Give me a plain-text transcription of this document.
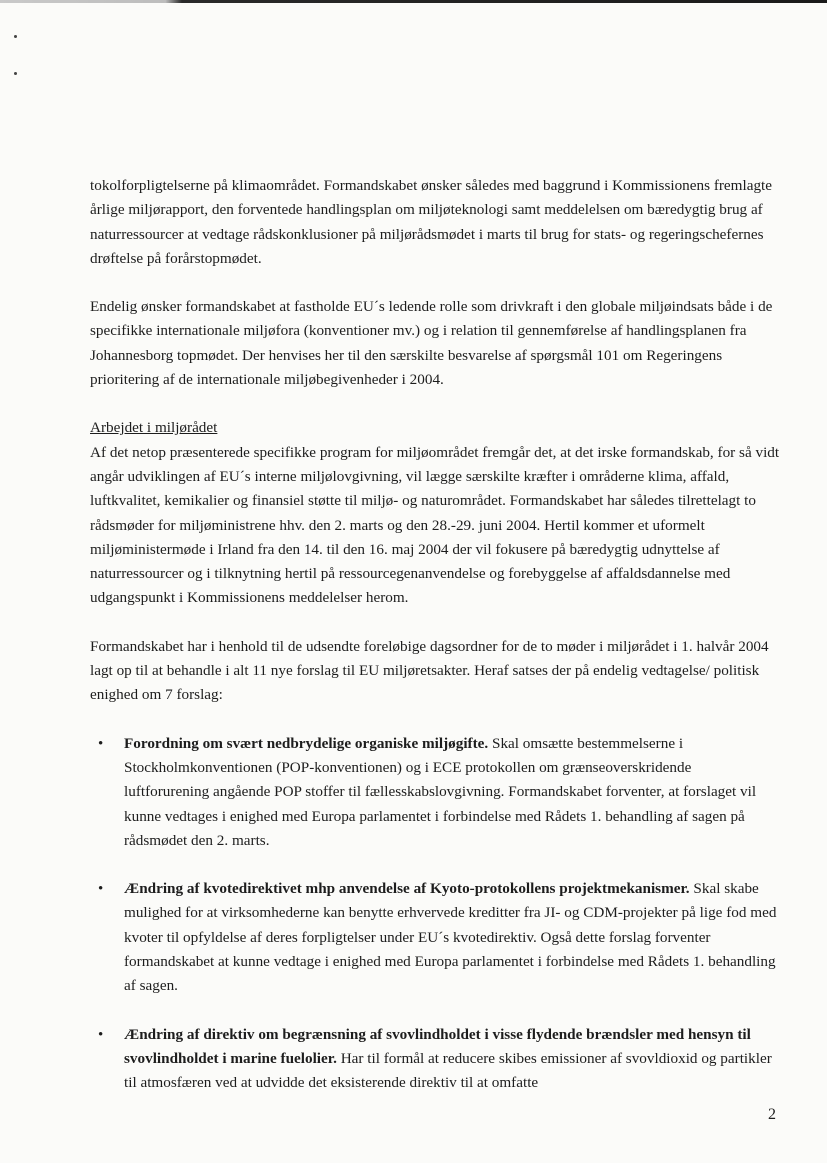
tokolforpligtelserne på klimaområdet. Formandskabet ønsker således med baggrund i Kommissionens fremlagte årlige miljørapport, den forventede handlingsplan om miljøteknologi samt meddelelsen om bæredygtig brug af naturressourcer at vedtage rådskonklusioner på miljørådsmødet i marts til brug for stats- og regeringschefernes drøftelse på forårstopmødet.

Endelig ønsker formandskabet at fastholde EU´s ledende rolle som drivkraft i den globale miljøindsats både i de specifikke internationale miljøfora (konventioner mv.) og i relation til gennemførelse af handlingsplanen fra Johannesborg topmødet. Der henvises her til den særskilte besvarelse af spørgsmål 101 om Regeringens prioritering af de internationale miljøbegivenheder i 2004.

Arbejdet i miljørådet
Af det netop præsenterede specifikke program for miljøområdet fremgår det, at det irske formandskab, for så vidt angår udviklingen af EU´s interne miljølovgivning, vil lægge særskilte kræfter i områderne klima, affald, luftkvalitet, kemikalier og finansiel støtte til miljø- og naturområdet. Formandskabet har således tilrettelagt to rådsmøder for miljøministrene hhv. den 2. marts og den 28.-29. juni 2004. Hertil kommer et uformelt miljøministermøde i Irland fra den 14. til den 16. maj 2004 der vil fokusere på bæredygtig udnyttelse af naturressourcer og i tilknytning hertil på ressourcegenanvendelse og forebyggelse af affaldsdannelse med udgangspunkt i Kommissionens meddelelser herom.

Formandskabet har i henhold til de udsendte foreløbige dagsordner for de to møder i miljørådet i 1. halvår 2004 lagt op til at behandle i alt 11 nye forslag til EU miljøretsakter. Heraf satses der på endelig vedtagelse/ politisk enighed om 7 forslag:

• Forordning om svært nedbrydelige organiske miljøgifte. Skal omsætte bestemmelserne i Stockholmkonventionen (POP-konventionen) og i ECE protokollen om grænseoverskridende luftforurening angående POP stoffer til fællesskabslovgivning. Formandskabet forventer, at forslaget vil kunne vedtages i enighed med Europa parlamentet i forbindelse med Rådets 1. behandling af sagen på rådsmødet den 2. marts.
• Ændring af kvotedirektivet mhp anvendelse af Kyoto-protokollens projektmekanismer. Skal skabe mulighed for at virksomhederne kan benytte erhvervede kreditter fra JI- og CDM-projekter på lige fod med kvoter til opfyldelse af deres forpligtelser under EU´s kvotedirektiv. Også dette forslag forventer formandskabet at kunne vedtage i enighed med Europa parlamentet i forbindelse med Rådets 1. behandling af sagen.
• Ændring af direktiv om begrænsning af svovlindholdet i visse flydende brændsler med hensyn til svovlindholdet i marine fuelolier. Har til formål at reducere skibes emissioner af svovldioxid og partikler til atmosfæren ved at udvidde det eksisterende direktiv til at omfatte
2
